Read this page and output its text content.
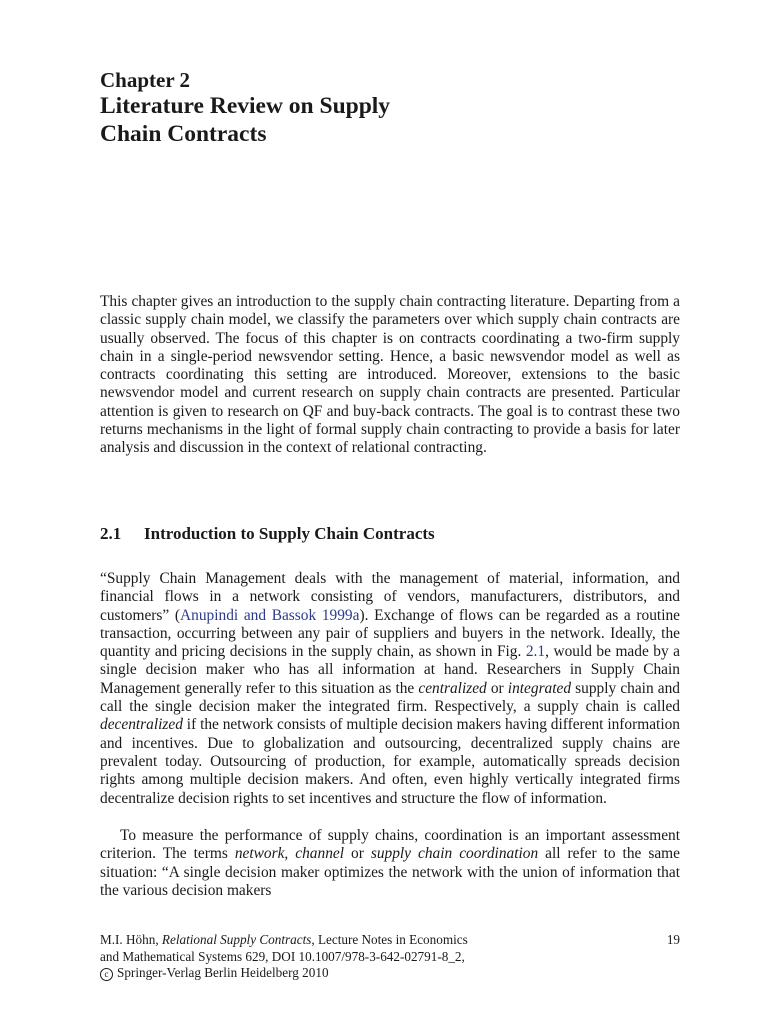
Chapter 2
Literature Review on Supply
Chain Contracts

This chapter gives an introduction to the supply chain contracting literature. Departing from a classic supply chain model, we classify the parameters over which supply chain contracts are usually observed. The focus of this chapter is on contracts coordinating a two-firm supply chain in a single-period newsvendor setting. Hence, a basic newsvendor model as well as contracts coordinating this setting are introduced. Moreover, extensions to the basic newsvendor model and current research on supply chain contracts are presented. Particular attention is given to research on QF and buy-back contracts. The goal is to contrast these two returns mechanisms in the light of formal supply chain contracting to provide a basis for later analysis and discussion in the context of relational contracting.

2.1 Introduction to Supply Chain Contracts

“Supply Chain Management deals with the management of material, information, and financial flows in a network consisting of vendors, manufacturers, distributors, and customers” (Anupindi and Bassok 1999a). Exchange of flows can be regarded as a routine transaction, occurring between any pair of suppliers and buyers in the network. Ideally, the quantity and pricing decisions in the supply chain, as shown in Fig. 2.1, would be made by a single decision maker who has all information at hand. Researchers in Supply Chain Management generally refer to this situation as the centralized or integrated supply chain and call the single decision maker the integrated firm. Respectively, a supply chain is called decentralized if the network consists of multiple decision makers having different information and incentives. Due to globalization and outsourcing, decentralized supply chains are prevalent today. Outsourcing of production, for example, automatically spreads decision rights among multiple decision makers. And often, even highly vertically integrated firms decentralize decision rights to set incentives and structure the flow of information.

To measure the performance of supply chains, coordination is an important assessment criterion. The terms network, channel or supply chain coordination all refer to the same situation: “A single decision maker optimizes the network with the union of information that the various decision makers

19
M.I. Höhn, Relational Supply Contracts, Lecture Notes in Economics
and Mathematical Systems 629, DOI 10.1007/978-3-642-02791-8_2,
c Springer-Verlag Berlin Heidelberg 2010
